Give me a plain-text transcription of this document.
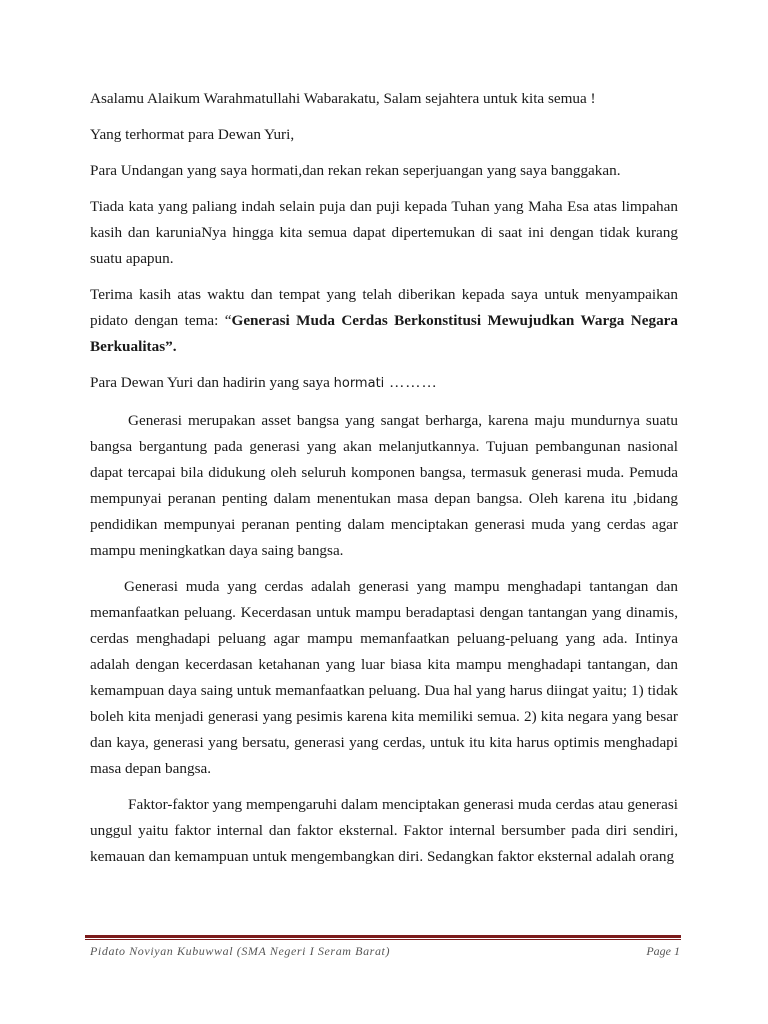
Asalamu Alaikum Warahmatullahi Wabarakatu, Salam sejahtera untuk kita semua !

Yang terhormat para Dewan Yuri,

Para Undangan yang saya hormati,dan rekan rekan seperjuangan yang saya banggakan.

Tiada kata yang paliang indah selain puja dan puji kepada Tuhan yang Maha Esa atas limpahan kasih dan karuniaNya hingga kita semua dapat dipertemukan di saat ini dengan tidak kurang suatu apapun.

Terima kasih atas waktu dan tempat yang telah diberikan kepada saya untuk menyampaikan pidato dengan tema: “Generasi Muda Cerdas Berkonstitusi Mewujudkan Warga Negara Berkualitas”.

Para Dewan Yuri dan hadirin yang saya hormati ………

Generasi merupakan asset bangsa yang sangat berharga, karena maju mundurnya suatu bangsa bergantung pada generasi yang akan melanjutkannya. Tujuan pembangunan nasional dapat tercapai bila didukung oleh seluruh komponen bangsa, termasuk generasi muda. Pemuda mempunyai peranan penting dalam menentukan masa depan bangsa. Oleh karena itu ,bidang pendidikan mempunyai peranan penting dalam menciptakan generasi muda yang cerdas agar mampu meningkatkan daya saing bangsa.

Generasi muda yang cerdas adalah generasi yang mampu menghadapi tantangan dan memanfaatkan peluang. Kecerdasan untuk mampu beradaptasi dengan tantangan yang dinamis, cerdas menghadapi peluang agar mampu memanfaatkan peluang-peluang yang ada. Intinya adalah dengan kecerdasan ketahanan yang luar biasa kita mampu menghadapi tantangan, dan kemampuan daya saing untuk memanfaatkan peluang. Dua hal yang harus diingat yaitu; 1) tidak boleh kita menjadi generasi yang pesimis karena kita memiliki semua. 2) kita negara yang besar dan kaya, generasi yang bersatu, generasi yang cerdas, untuk itu kita harus optimis menghadapi masa depan bangsa.

Faktor-faktor yang mempengaruhi dalam menciptakan generasi muda cerdas atau generasi unggul yaitu faktor internal dan faktor eksternal. Faktor internal bersumber pada diri sendiri, kemauan dan kemampuan untuk mengembangkan diri. Sedangkan faktor eksternal adalah orang

Pidato Noviyan Kubuwwal (SMA Negeri I Seram Barat)	Page 1
